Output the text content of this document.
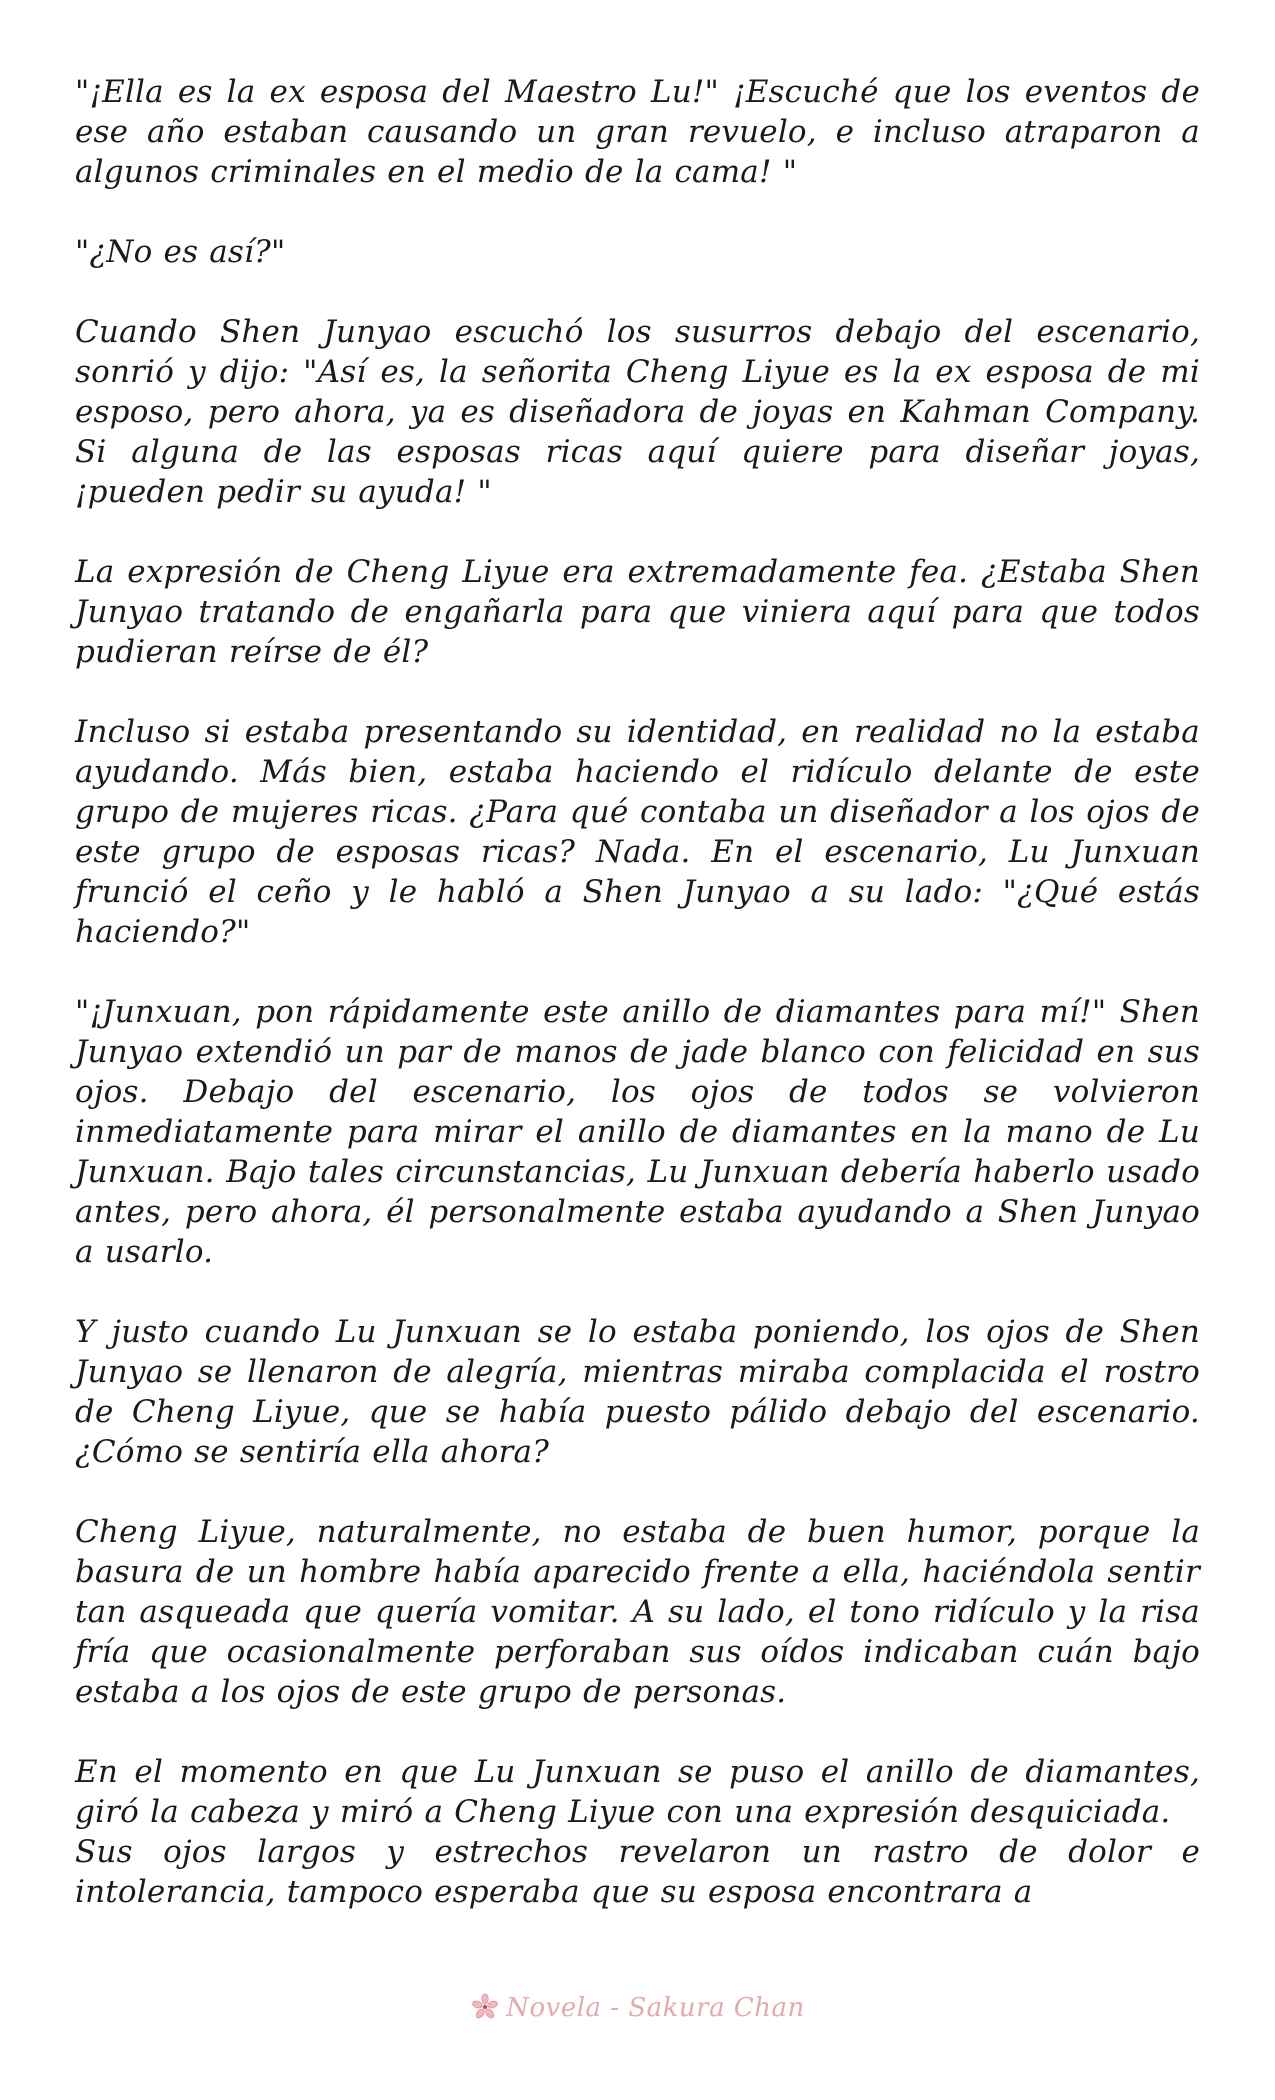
"¡Ella es la ex esposa del Maestro Lu!" ¡Escuché que los eventos de ese año estaban causando un gran revuelo, e incluso atraparon a algunos criminales en el medio de la cama! "

"¿No es así?"

Cuando Shen Junyao escuchó los susurros debajo del escenario, sonrió y dijo: "Así es, la señorita Cheng Liyue es la ex esposa de mi esposo, pero ahora, ya es diseñadora de joyas en Kahman Company. Si alguna de las esposas ricas aquí quiere para diseñar joyas, ¡pueden pedir su ayuda! "

La expresión de Cheng Liyue era extremadamente fea. ¿Estaba Shen Junyao tratando de engañarla para que viniera aquí para que todos pudieran reírse de él?

Incluso si estaba presentando su identidad, en realidad no la estaba ayudando. Más bien, estaba haciendo el ridículo delante de este grupo de mujeres ricas. ¿Para qué contaba un diseñador a los ojos de este grupo de esposas ricas? Nada. En el escenario, Lu Junxuan frunció el ceño y le habló a Shen Junyao a su lado: "¿Qué estás haciendo?"

"¡Junxuan, pon rápidamente este anillo de diamantes para mí!" Shen Junyao extendió un par de manos de jade blanco con felicidad en sus ojos. Debajo del escenario, los ojos de todos se volvieron inmediatamente para mirar el anillo de diamantes en la mano de Lu Junxuan. Bajo tales circunstancias, Lu Junxuan debería haberlo usado antes, pero ahora, él personalmente estaba ayudando a Shen Junyao a usarlo.

Y justo cuando Lu Junxuan se lo estaba poniendo, los ojos de Shen Junyao se llenaron de alegría, mientras miraba complacida el rostro de Cheng Liyue, que se había puesto pálido debajo del escenario. ¿Cómo se sentiría ella ahora?

Cheng Liyue, naturalmente, no estaba de buen humor, porque la basura de un hombre había aparecido frente a ella, haciéndola sentir tan asqueada que quería vomitar. A su lado, el tono ridículo y la risa fría que ocasionalmente perforaban sus oídos indicaban cuán bajo estaba a los ojos de este grupo de personas.

En el momento en que Lu Junxuan se puso el anillo de diamantes, giró la cabeza y miró a Cheng Liyue con una expresión desquiciada.

Sus ojos largos y estrechos revelaron un rastro de dolor e intolerancia, tampoco esperaba que su esposa encontrara a

Novela - Sakura Chan
